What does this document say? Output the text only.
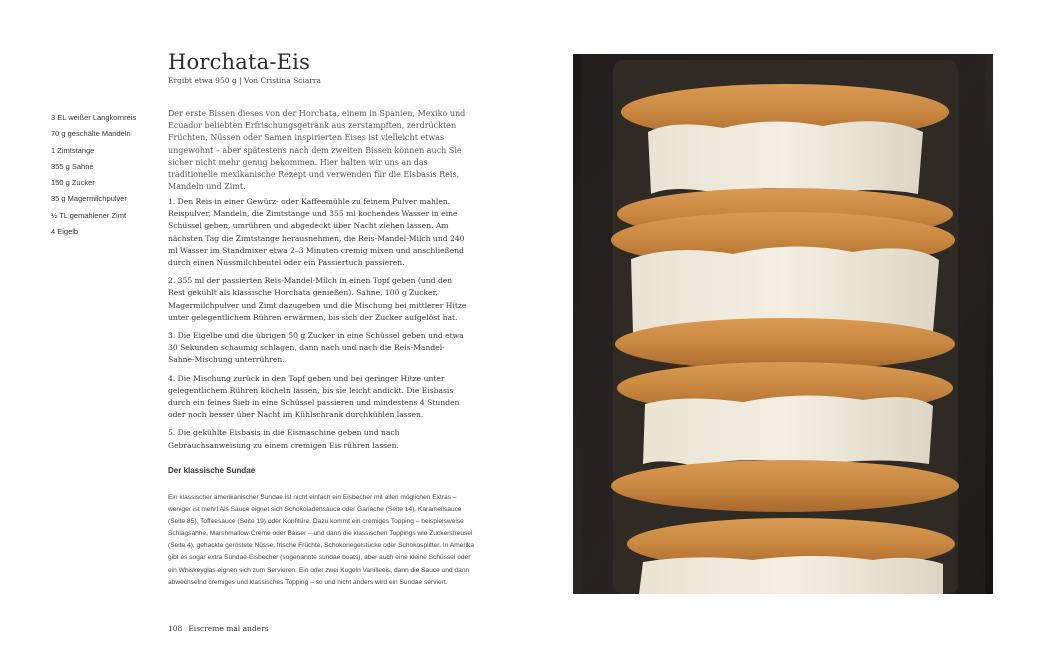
Horchata-Eis
Ergibt etwa 950 g | Von Cristina Sciarra
3 EL weißer Langkornreis
70 g geschälte Mandeln
1 Zimtstange
355 g Sahne
150 g Zucker
35 g Magermilchpulver
½ TL gemahlener Zimt
4 Eigelb

Der erste Bissen dieses von der Horchata, einem in Spanien, Mexiko und Ecuador beliebten Erfrischungsgetränk aus zerstampften, zerdrückten Früchten, Nüssen oder Samen inspirierten Eises ist vielleicht etwas ungewohnt – aber spätestens nach dem zweiten Bissen können auch Sie sicher nicht mehr genug bekommen. Hier halten wir uns an das traditionelle mexikanische Rezept und verwenden für die Eisbasis Reis, Mandeln und Zimt.

1. Den Reis in einer Gewürz- oder Kaffeemühle zu feinem Pulver mahlen. Reispulver, Mandeln, die Zimtstange und 355 ml kochendes Wasser in eine Schüssel geben, umrühren und abgedeckt über Nacht ziehen lassen. Am nächsten Tag die Zimtstange herausnehmen, die Reis-Mandel-Milch und 240 ml Wasser im Standmixer etwa 2–3 Minuten cremig mixen und anschließend durch einen Nussmilchbeutel oder ein Passiertuch passieren.

2. 355 ml der passierten Reis-Mandel-Milch in einen Topf geben (und den Rest gekühlt als klassische Horchata genießen). Sahne, 100 g Zucker, Magermilchpulver und Zimt dazugeben und die Mischung bei mittlerer Hitze unter gelegentlichem Rühren erwärmen, bis sich der Zucker aufgelöst hat.

3. Die Eigelbe und die übrigen 50 g Zucker in eine Schüssel geben und etwa 30 Sekunden schaumig schlagen, dann nach und nach die Reis-Mandel-Sahne-Mischung unterrühren.

4. Die Mischung zurück in den Topf geben und bei geringer Hitze unter gelegentlichem Rühren köcheln lassen, bis sie leicht andickt. Die Eisbasis durch ein feines Sieb in eine Schüssel passieren und mindestens 4 Stunden oder noch besser über Nacht im Kühlschrank durchkühlen lassen.

5. Die gekühlte Eisbasis in die Eismaschine geben und nach Gebrauchsanweisung zu einem cremigen Eis rühren lassen.

Der klassische Sundae

Ein klassischer amerikanischer Sundae ist nicht einfach ein Eisbecher mit allen möglichen Extras – weniger ist mehr! Als Sauce eignet sich Schokoladensauce oder Ganache (Seite 14), Karamellsauce (Seite 85), Toffeesauce (Seite 19) oder Konfitüre. Dazu kommt ein cremiges Topping – beispielsweise Schlagsahne, Marshmallow-Creme oder Baiser – und dann die klassischen Toppings wie Zuckerstreusel (Seite 4), gehackte geröstete Nüsse, frische Früchte, Schokoriegelstücke oder Schokosplitter. In Amerika gibt es sogar extra Sundae-Eisbecher (sogenannte sundae boats), aber auch eine kleine Schüssel oder ein Whiskeyglas eignen sich zum Servieren. Ein oder zwei Kugeln Vanilleeis, dann die Sauce und dann abwechselnd cremiges und klassisches Topping – so und nicht anders wird ein Sundae serviert.

108 Eiscreme mal anders
